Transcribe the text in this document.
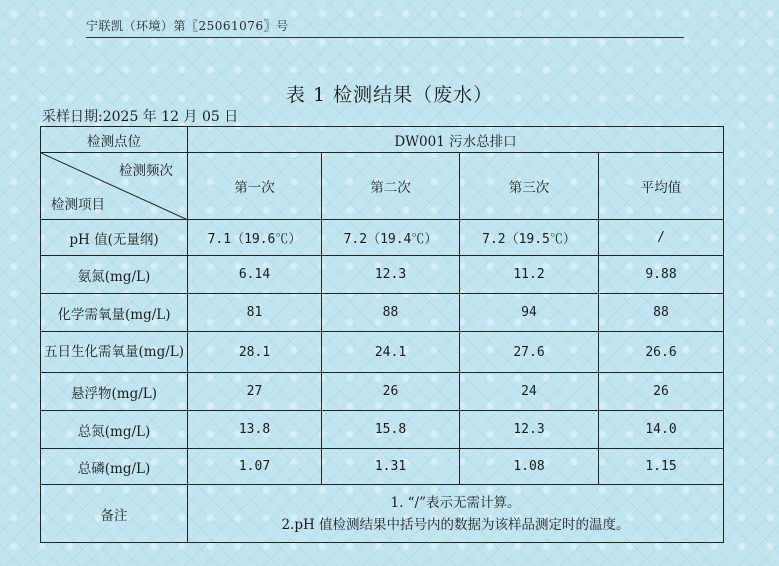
宁联凯（环境）第〖25061076〗号
表 1 检测结果（废水）
采样日期:2025 年 12 月 05 日
检测点位	DW001 污水总排口			

检测频次
检测项目	第一次	第二次	第三次	平均值
pH 值(无量纲)	7.1（19.6℃）	7.2（19.4℃）	7.2（19.5℃）	/
氨氮(mg/L)	6.14	12.3	11.2	9.88
化学需氧量(mg/L)	81	88	94	88
五日生化需氧量(mg/L)	28.1	24.1	27.6	26.6
悬浮物(mg/L)	27	26	24	26
总氮(mg/L)	13.8	15.8	12.3	14.0
总磷(mg/L)	1.07	1.31	1.08	1.15
备注	1. “/”表示无需计算。
2.pH 值检测结果中括号内的数据为该样品测定时的温度。			
